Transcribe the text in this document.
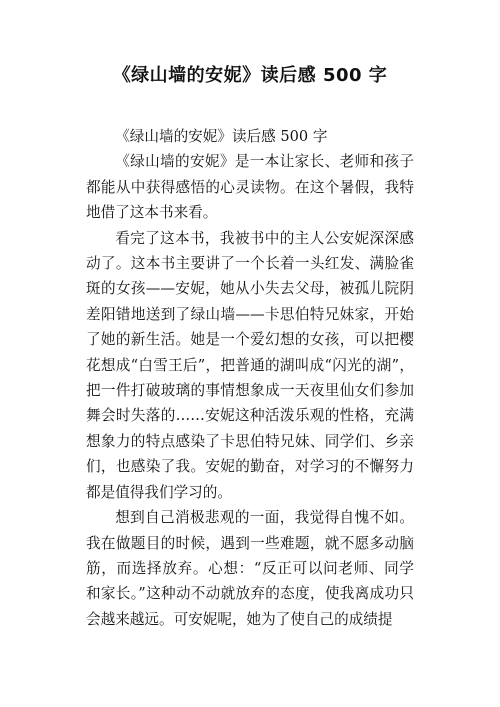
《绿山墙的安妮》读后感 500 字

《绿山墙的安妮》读后感 500 字

《绿山墙的安妮》是一本让家长、老师和孩子都能从中获得感悟的心灵读物。在这个暑假，我特地借了这本书来看。

看完了这本书，我被书中的主人公安妮深深感动了。这本书主要讲了一个长着一头红发、满脸雀斑的女孩——安妮，她从小失去父母，被孤儿院阴差阳错地送到了绿山墙——卡思伯特兄妹家，开始了她的新生活。她是一个爱幻想的女孩，可以把樱花想成“白雪王后”，把普通的湖叫成“闪光的湖”，把一件打破玻璃的事情想象成一天夜里仙女们参加舞会时失落的……安妮这种活泼乐观的性格，充满想象力的特点感染了卡思伯特兄妹、同学们、乡亲们，也感染了我。安妮的勤奋，对学习的不懈努力都是值得我们学习的。

想到自己消极悲观的一面，我觉得自愧不如。我在做题目的时候，遇到一些难题，就不愿多动脑筋，而选择放弃。心想：“反正可以问老师、同学和家长。”这种动不动就放弃的态度，使我离成功只会越来越远。可安妮呢，她为了使自己的成绩提
